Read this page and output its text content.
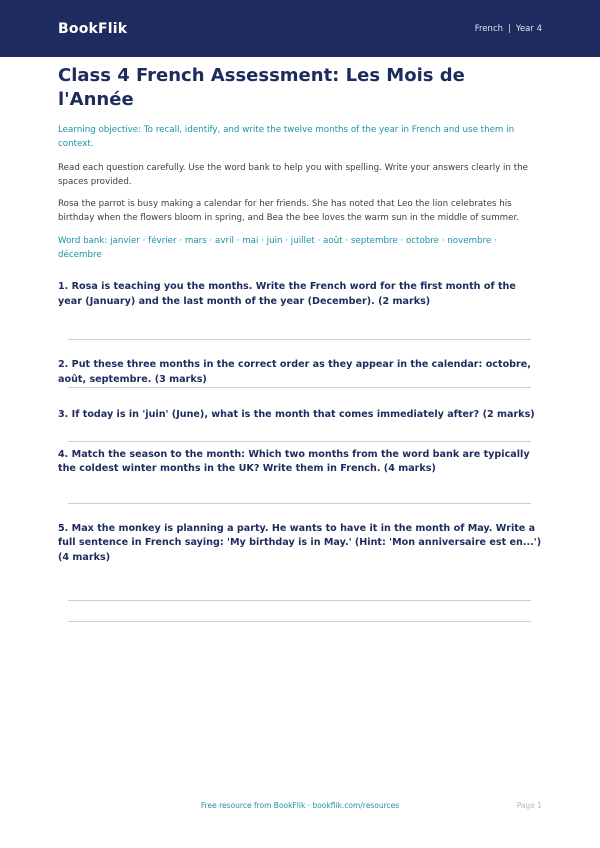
BookFlik	French | Year 4
Class 4 French Assessment: Les Mois de l'Année

Learning objective: To recall, identify, and write the twelve months of the year in French and use them in context.

Read each question carefully. Use the word bank to help you with spelling. Write your answers clearly in the spaces provided.

Rosa the parrot is busy making a calendar for her friends. She has noted that Leo the lion celebrates his birthday when the flowers bloom in spring, and Bea the bee loves the warm sun in the middle of summer.

Word bank: janvier · février · mars · avril · mai · juin · juillet · août · septembre · octobre · novembre · décembre

1. Rosa is teaching you the months. Write the French word for the first month of the year (January) and the last month of the year (December). (2 marks)
2. Put these three months in the correct order as they appear in the calendar: octobre, août, septembre. (3 marks)
3. If today is in 'juin' (June), what is the month that comes immediately after? (2 marks)
4. Match the season to the month: Which two months from the word bank are typically the coldest winter months in the UK? Write them in French. (4 marks)
5. Max the monkey is planning a party. He wants to have it in the month of May. Write a full sentence in French saying: 'My birthday is in May.' (Hint: 'Mon anniversaire est en...') (4 marks)
Free resource from BookFlik · bookflik.com/resources	Page 1
